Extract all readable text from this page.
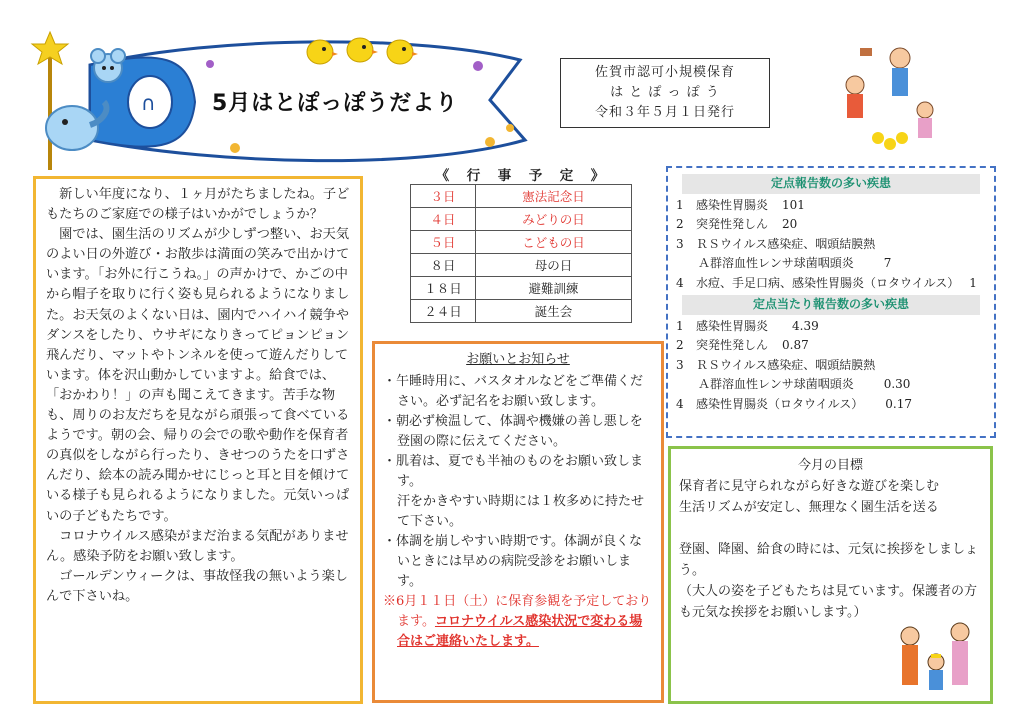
∩	5月はとぽっぽうだより
佐賀市認可小規模保育
は と ぽ っ ぽ う
令和３年５月１日発行
　新しい年度になり、１ヶ月がたちましたね。子どもたちのご家庭での様子はいかがでしょうか？
　園では、園生活のリズムが少しずつ整い、お天気のよい日の外遊び・お散歩は満面の笑みで出かけています。「お外に行こうね。」の声かけで、かごの中から帽子を取りに行く姿も見られるようになりました。お天気のよくない日は、園内でハイハイ競争やダンスをしたり、ウサギになりきってピョンピョン飛んだり、マットやトンネルを使って遊んだりしています。体を沢山動かしていますよ。給食では、「おかわり！」の声も聞こえてきます。苦手な物も、周りのお友だちを見ながら頑張って食べているようです。朝の会、帰りの会での歌や動作を保育者の真似をしながら行ったり、きせつのうたを口ずさんだり、絵本の読み聞かせにじっと耳と目を傾けている様子も見られるようになりました。元気いっぱいの子どもたちです。
　コロナウイルス感染がまだ治まる気配がありません。感染予防をお願い致します。
　ゴールデンウィークは、事故怪我の無いよう楽しんで下さいね。
《　行　事　予　定　》
３日	憲法記念日
４日	みどりの日
５日	こどもの日
８日	母の日
１８日	避難訓練
２４日	誕生会
お願いとお知らせ
・午睡時用に、バスタオルなどをご準備ください。必ず記名をお願い致します。
・朝必ず検温して、体調や機嫌の善し悪しを登園の際に伝えてください。
・肌着は、夏でも半袖のものをお願い致します。
汗をかきやすい時期には１枚多めに持たせて下さい。
・体調を崩しやすい時期です。体調が良くないときには早めの病院受診をお願いします。
※6月１１日（土）に保育参観を予定しております。コロナウイルス感染状況で変わる場合はご連絡いたします。
定点報告数の多い疾患
1	感染性胃腸炎 101
2	突発性発しん 20
3	ＲＳウイルス感染症、咽頭結膜熱
Ａ群溶血性レンサ球菌咽頭炎	7
4	水痘、手足口病、感染性胃腸炎（ロタウイルス） 1
定点当たり報告数の多い疾患
1	感染性胃腸炎 4.39
2	突発性発しん 0.87
3	ＲＳウイルス感染症、咽頭結膜熱
Ａ群溶血性レンサ球菌咽頭炎	0.30
4	感染性胃腸炎（ロタウイルス） 0.17
今月の目標
保育者に見守られながら好きな遊びを楽しむ
生活リズムが安定し、無理なく園生活を送る
登園、降園、給食の時には、元気に挨拶をしましょう。
（大人の姿を子どもたちは見ています。保護者の方も元気な挨拶をお願いします。）
